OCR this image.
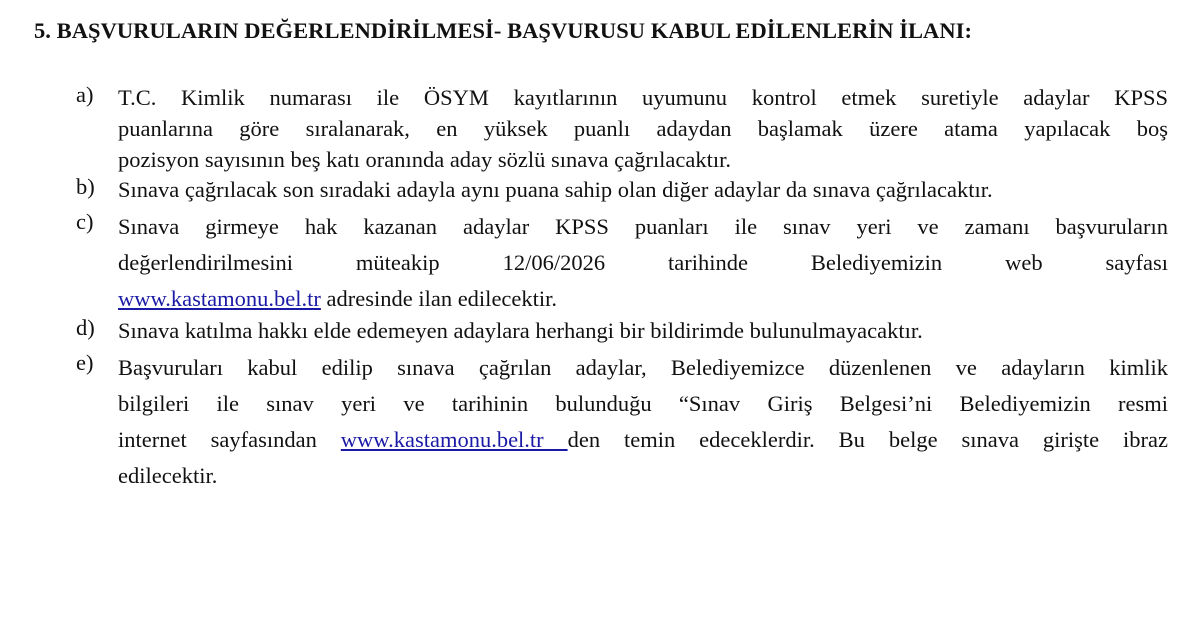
5. BAŞVURULARIN DEĞERLENDİRİLMESİ- BAŞVURUSU KABUL EDİLENLERİN İLANI:
a) T.C. Kimlik numarası ile ÖSYM kayıtlarının uyumunu kontrol etmek suretiyle adaylar KPSS
puanlarına göre sıralanarak, en yüksek puanlı adaydan başlamak üzere atama yapılacak boş
pozisyon sayısının beş katı oranında aday sözlü sınava çağrılacaktır.
b) Sınava çağrılacak son sıradaki adayla aynı puana sahip olan diğer adaylar da sınava çağrılacaktır.
c) Sınava girmeye hak kazanan adaylar KPSS puanları ile sınav yeri ve zamanı başvuruların
değerlendirilmesini müteakip 12/06/2026 tarihinde Belediyemizin web sayfası
www.kastamonu.bel.tr adresinde ilan edilecektir.
d) Sınava katılma hakkı elde edemeyen adaylara herhangi bir bildirimde bulunulmayacaktır.
e) Başvuruları kabul edilip sınava çağrılan adaylar, Belediyemizce düzenlenen ve adayların kimlik
bilgileri ile sınav yeri ve tarihinin bulunduğu “Sınav Giriş Belgesi’ni Belediyemizin resmi
internet sayfasından www.kastamonu.bel.tr den temin edeceklerdir. Bu belge sınava girişte ibraz
edilecektir.
